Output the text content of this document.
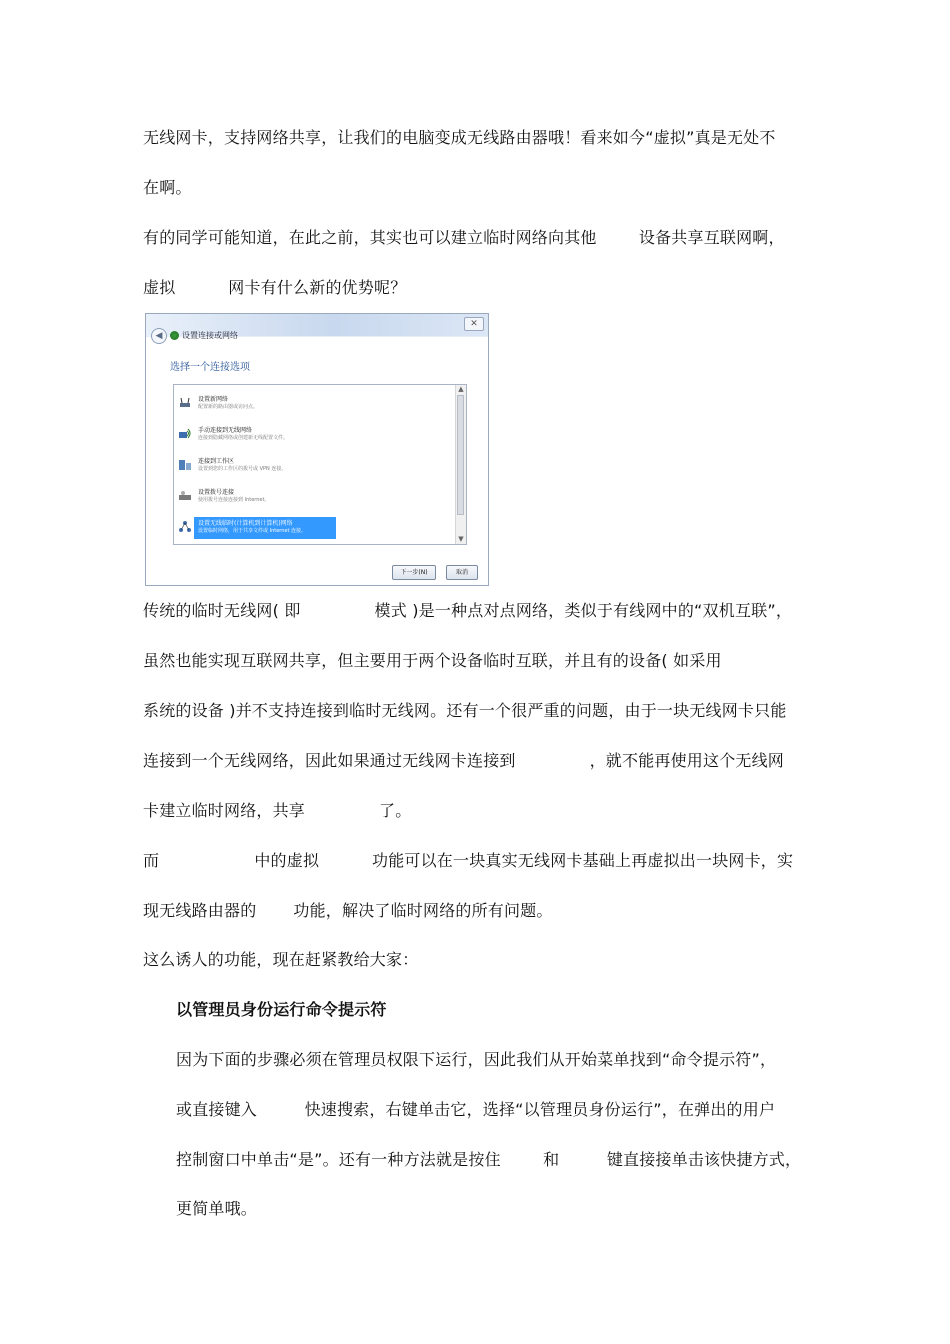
无线网卡，支持网络共享，让我们的电脑变成无线路由器哦！看来如今“虚拟”真是无处不
在啊。
有的同学可能知道，在此之前，其实也可以建立临时网络向其他        设备共享互联网啊，
虚拟          网卡有什么新的优势呢？
✕
◀	设置连接或网络
选择一个连接选项
设置新网络
配置新的路由器或访问点。
手动连接到无线网络
连接到隐藏网络或创建新无线配置文件。
连接到工作区
设置到您的工作区的拨号或 VPN 连接。
设置拨号连接
使用拨号连接连接到 Internet。
设置无线临时(计算机到计算机)网络
设置临时网络，用于共享文件或 Internet 连接。
▲
▼
下一步(N)	取消
传统的临时无线网( 即              模式 )是一种点对点网络，类似于有线网中的“双机互联”，
虽然也能实现互联网共享，但主要用于两个设备临时互联，并且有的设备( 如采用
系统的设备 )并不支持连接到临时无线网。还有一个很严重的问题，由于一块无线网卡只能
连接到一个无线网络，因此如果通过无线网卡连接到              ，就不能再使用这个无线网
卡建立临时网络，共享              了。
而                  中的虚拟          功能可以在一块真实无线网卡基础上再虚拟出一块网卡，实
现无线路由器的       功能，解决了临时网络的所有问题。
这么诱人的功能，现在赶紧教给大家：
以管理员身份运行命令提示符
因为下面的步骤必须在管理员权限下运行，因此我们从开始菜单找到“命令提示符”，
或直接键入         快速搜索，右键单击它，选择“以管理员身份运行”，在弹出的用户
控制窗口中单击“是”。还有一种方法就是按住        和         键直接接单击该快捷方式，
更简单哦。
